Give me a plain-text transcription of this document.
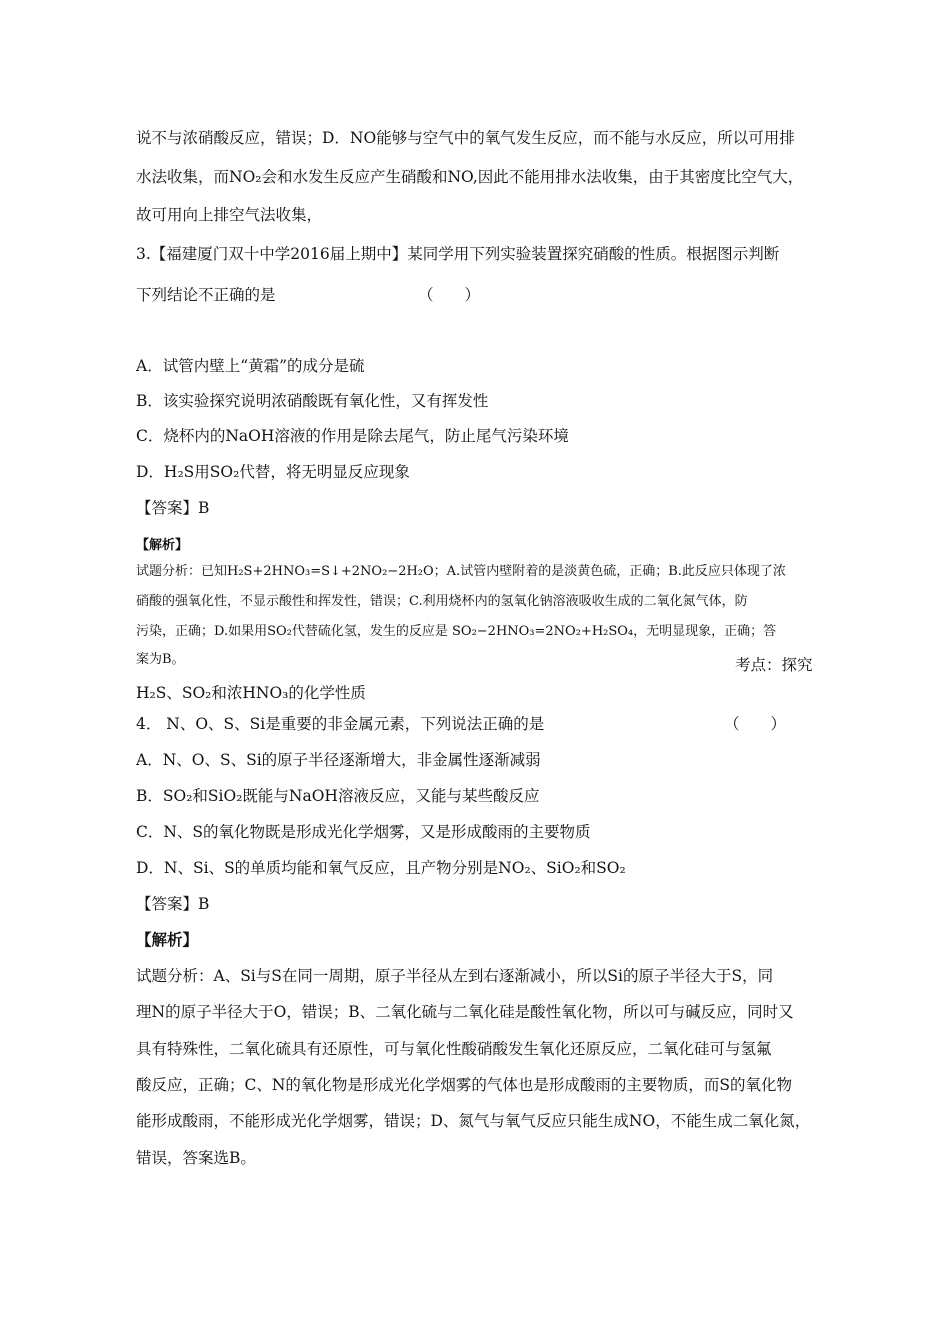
说不与浓硝酸反应，错误；D．NO能够与空气中的氧气发生反应，而不能与水反应，所以可用排
水法收集，而NO₂会和水发生反应产生硝酸和NO,因此不能用排水法收集，由于其密度比空气大，
故可用向上排空气法收集，
3.【福建厦门双十中学2016届上期中】某同学用下列实验装置探究硝酸的性质。根据图示判断
下列结论不正确的是	（　　）
A．试管内壁上“黄霜”的成分是硫
B．该实验探究说明浓硝酸既有氧化性，又有挥发性
C．烧杯内的NaOH溶液的作用是除去尾气，防止尾气污染环境
D．H₂S用SO₂代替，将无明显反应现象
【答案】B
【解析】
试题分析：已知H₂S+2HNO₃=S↓+2NO₂−2H₂O；A.试管内壁附着的是淡黄色硫，正确；B.此反应只体现了浓
硝酸的强氧化性，不显示酸性和挥发性，错误；C.利用烧杯内的氢氧化钠溶液吸收生成的二氧化氮气体，防
污染，正确；D.如果用SO₂代替硫化氢，发生的反应是 SO₂−2HNO₃=2NO₂+H₂SO₄，无明显现象，正确；答
案为B。	考点：探究
H₂S、SO₂和浓HNO₃的化学性质
4． N、O、S、Si是重要的非金属元素，下列说法正确的是	（　　）
A．N、O、S、Si的原子半径逐渐增大，非金属性逐渐减弱
B．SO₂和SiO₂既能与NaOH溶液反应，又能与某些酸反应
C．N、S的氧化物既是形成光化学烟雾，又是形成酸雨的主要物质
D．N、Si、S的单质均能和氧气反应，且产物分别是NO₂、SiO₂和SO₂
【答案】B
【解析】
试题分析：A、Si与S在同一周期，原子半径从左到右逐渐减小，所以Si的原子半径大于S，同
理N的原子半径大于O，错误；B、二氧化硫与二氧化硅是酸性氧化物，所以可与碱反应，同时又
具有特殊性，二氧化硫具有还原性，可与氧化性酸硝酸发生氧化还原反应，二氧化硅可与氢氟
酸反应，正确；C、N的氧化物是形成光化学烟雾的气体也是形成酸雨的主要物质，而S的氧化物
能形成酸雨，不能形成光化学烟雾，错误；D、氮气与氧气反应只能生成NO，不能生成二氧化氮，
错误，答案选B。
